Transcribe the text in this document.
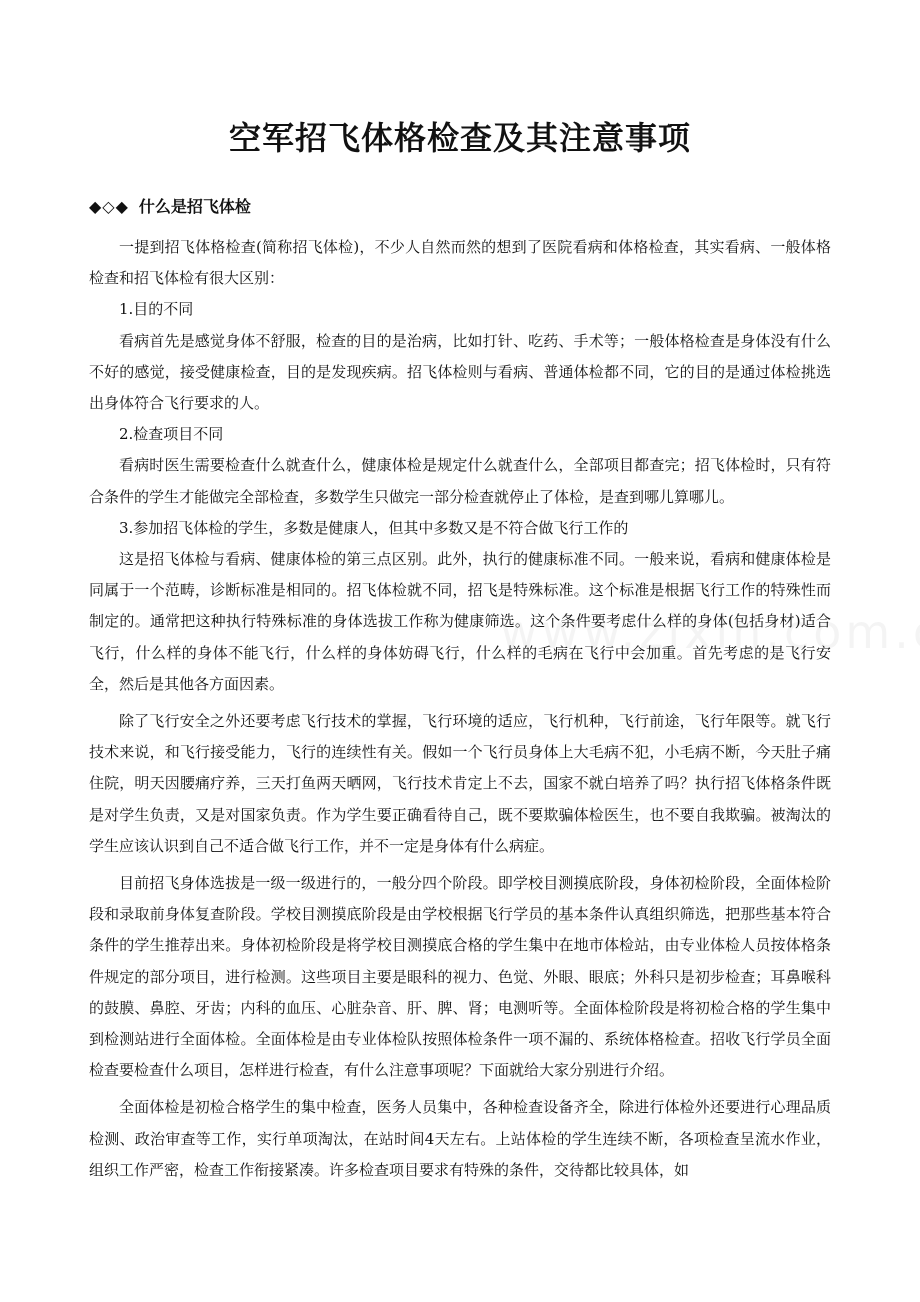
空军招飞体格检查及其注意事项
◆◇◆ 什么是招飞体检

一提到招飞体格检查(简称招飞体检)，不少人自然而然的想到了医院看病和体格检查，其实看病、一般体格检查和招飞体检有很大区别：

1.目的不同

看病首先是感觉身体不舒服，检查的目的是治病，比如打针、吃药、手术等；一般体格检查是身体没有什么不好的感觉，接受健康检查，目的是发现疾病。招飞体检则与看病、普通体检都不同，它的目的是通过体检挑选出身体符合飞行要求的人。

2.检查项目不同

看病时医生需要检查什么就查什么，健康体检是规定什么就查什么，全部项目都查完；招飞体检时，只有符合条件的学生才能做完全部检查，多数学生只做完一部分检查就停止了体检，是查到哪儿算哪儿。

3.参加招飞体检的学生，多数是健康人，但其中多数又是不符合做飞行工作的

这是招飞体检与看病、健康体检的第三点区别。此外，执行的健康标准不同。一般来说，看病和健康体检是同属于一个范畴，诊断标准是相同的。招飞体检就不同，招飞是特殊标准。这个标准是根据飞行工作的特殊性而制定的。通常把这种执行特殊标准的身体选拔工作称为健康筛选。这个条件要考虑什么样的身体(包括身材)适合飞行，什么样的身体不能飞行，什么样的身体妨碍飞行，什么样的毛病在飞行中会加重。首先考虑的是飞行安全，然后是其他各方面因素。

除了飞行安全之外还要考虑飞行技术的掌握，飞行环境的适应，飞行机种，飞行前途，飞行年限等。就飞行技术来说，和飞行接受能力，飞行的连续性有关。假如一个飞行员身体上大毛病不犯，小毛病不断，今天肚子痛住院，明天因腰痛疗养，三天打鱼两天晒网，飞行技术肯定上不去，国家不就白培养了吗？执行招飞体格条件既是对学生负责，又是对国家负责。作为学生要正确看待自己，既不要欺骗体检医生，也不要自我欺骗。被淘汰的学生应该认识到自己不适合做飞行工作，并不一定是身体有什么病症。

目前招飞身体选拔是一级一级进行的，一般分四个阶段。即学校目测摸底阶段，身体初检阶段，全面体检阶段和录取前身体复查阶段。学校目测摸底阶段是由学校根据飞行学员的基本条件认真组织筛选，把那些基本符合条件的学生推荐出来。身体初检阶段是将学校目测摸底合格的学生集中在地市体检站，由专业体检人员按体格条件规定的部分项目，进行检测。这些项目主要是眼科的视力、色觉、外眼、眼底；外科只是初步检查；耳鼻喉科的鼓膜、鼻腔、牙齿；内科的血压、心脏杂音、肝、脾、肾；电测听等。全面体检阶段是将初检合格的学生集中到检测站进行全面体检。全面体检是由专业体检队按照体检条件一项不漏的、系统体格检查。招收飞行学员全面检查要检查什么项目，怎样进行检查，有什么注意事项呢？下面就给大家分别进行介绍。

全面体检是初检合格学生的集中检查，医务人员集中，各种检查设备齐全，除进行体检外还要进行心理品质检测、政治审查等工作，实行单项淘汰，在站时间4天左右。上站体检的学生连续不断，各项检查呈流水作业，组织工作严密，检查工作衔接紧凑。许多检查项目要求有特殊的条件，交待都比较具体，如
